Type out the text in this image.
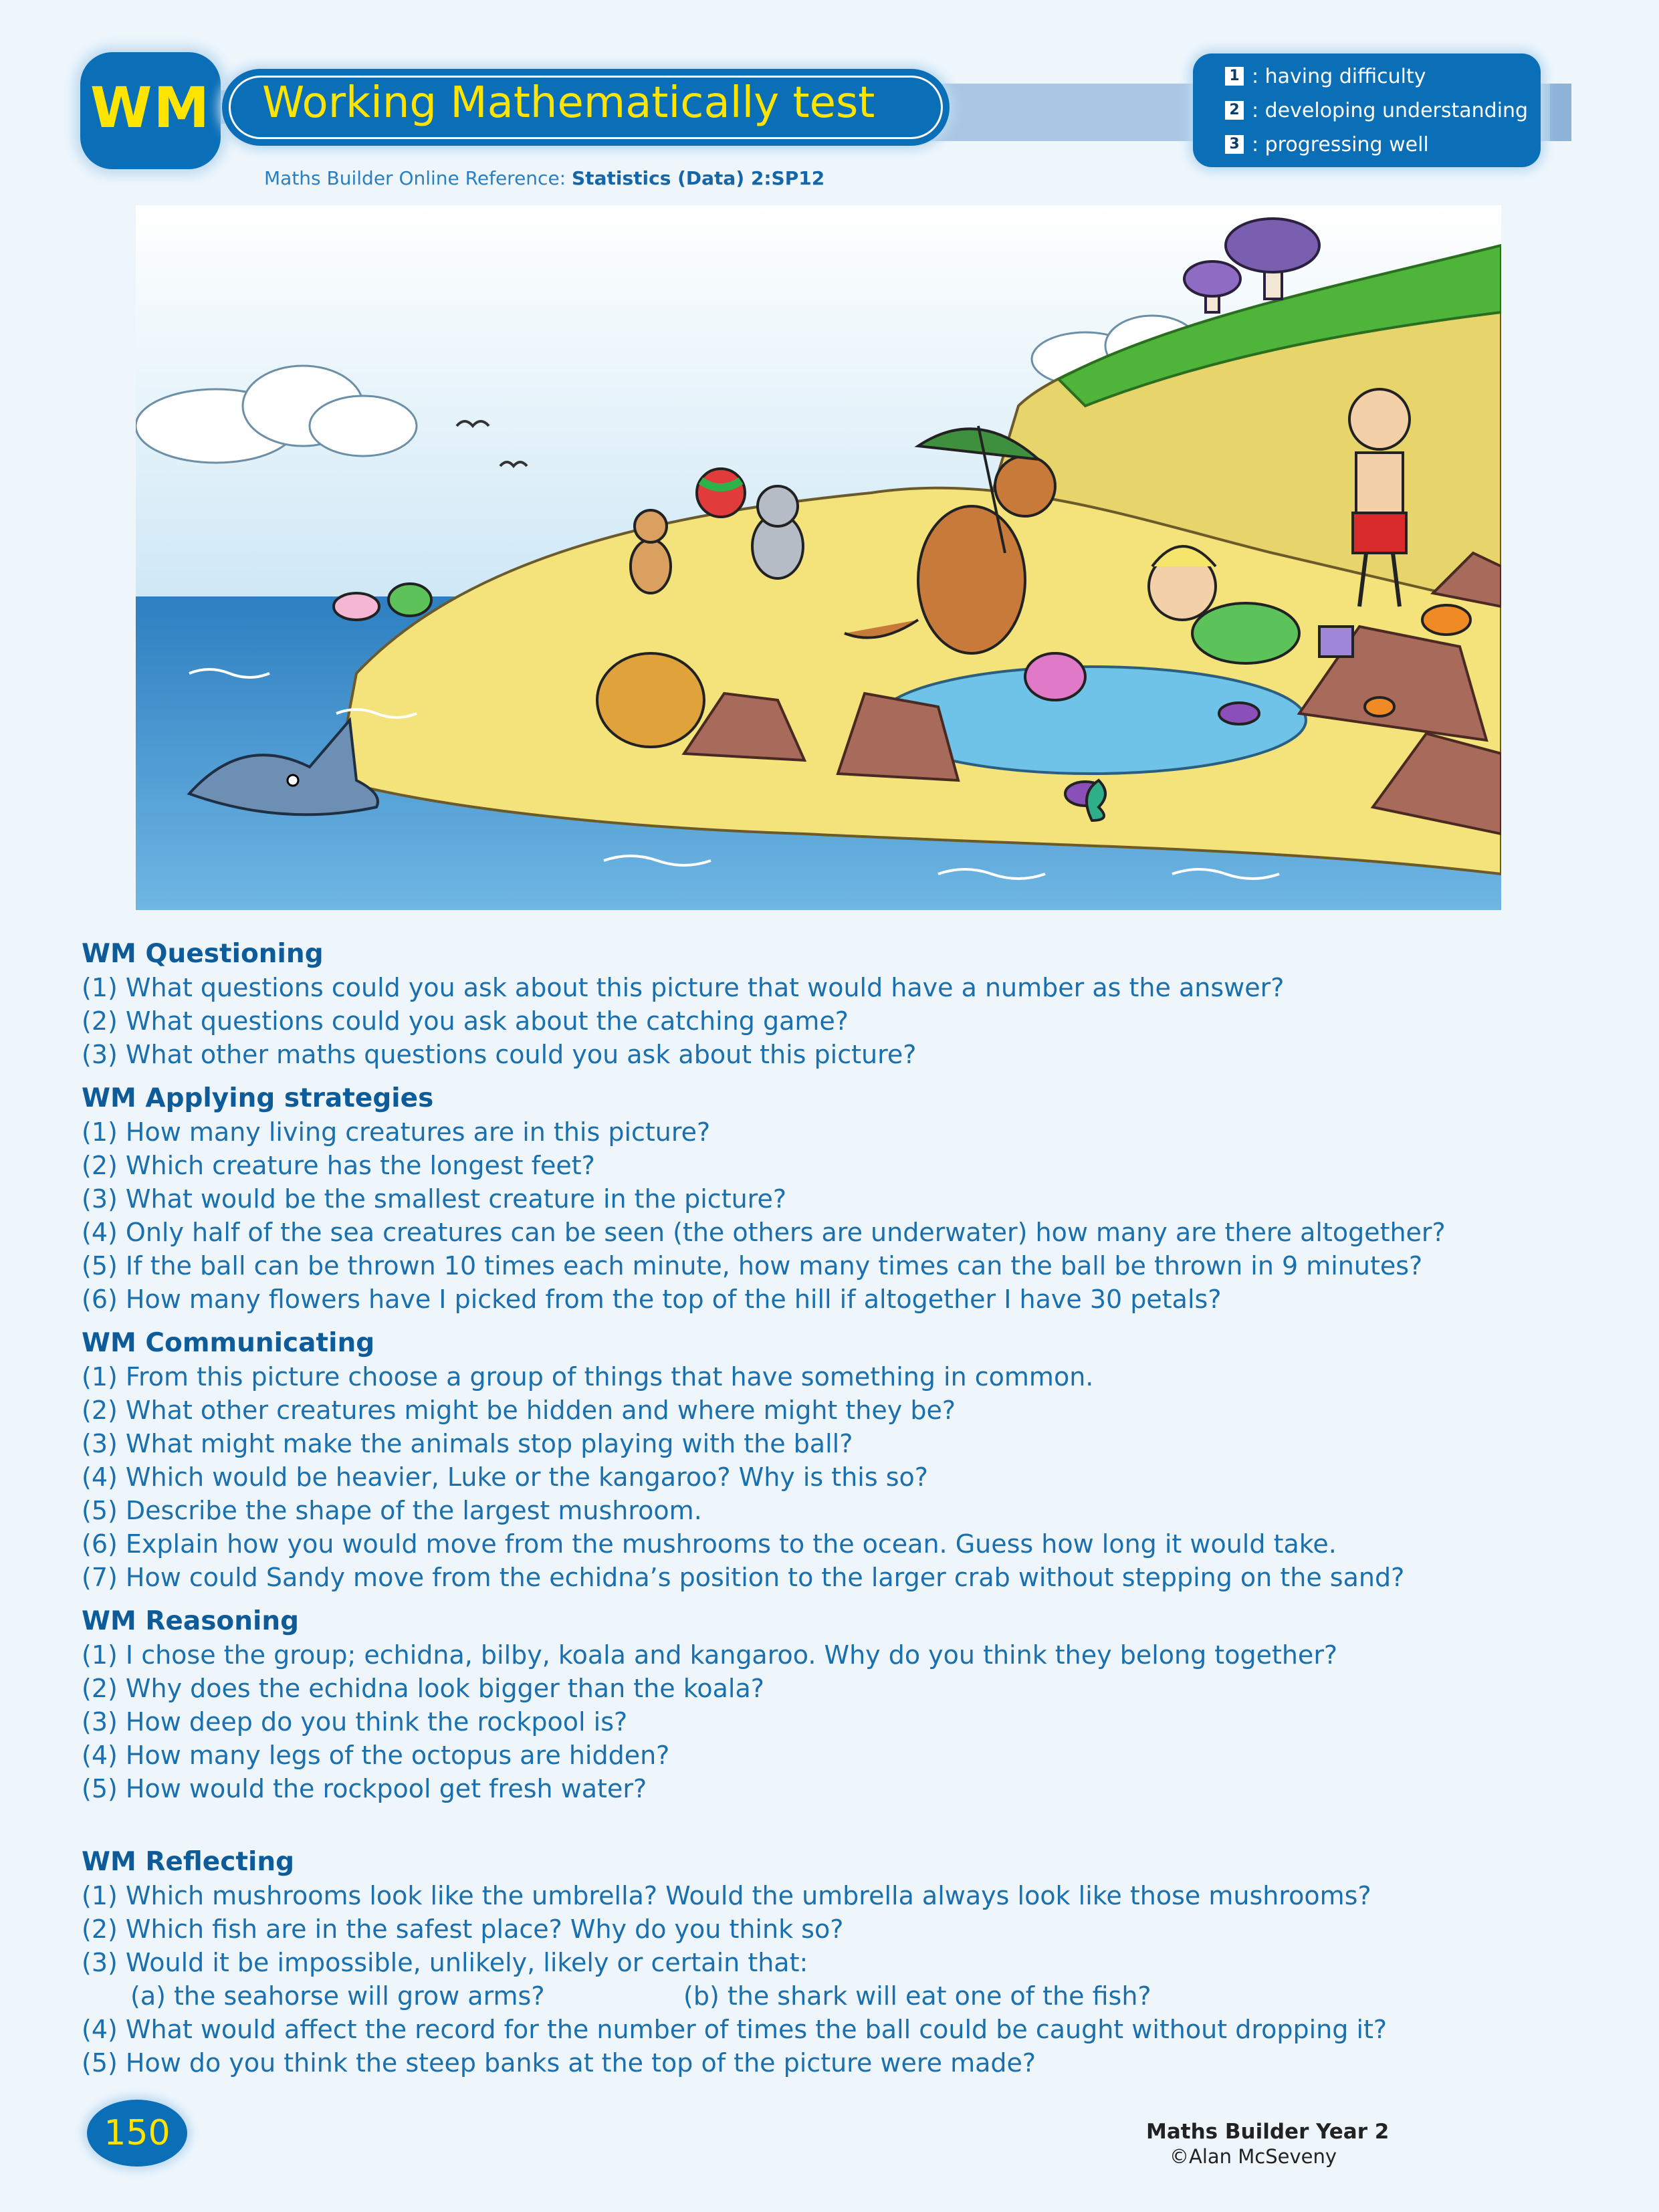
WM Working Mathematically test
Maths Builder Online Reference: Statistics (Data) 2:SP12
1 : having difficulty
2 : developing understanding
3 : progressing well
WM Questioning
(1) What questions could you ask about this picture that would have a number as the answer?
(2) What questions could you ask about the catching game?
(3) What other maths questions could you ask about this picture?
WM Applying strategies
(1) How many living creatures are in this picture?
(2) Which creature has the longest feet?
(3) What would be the smallest creature in the picture?
(4) Only half of the sea creatures can be seen (the others are underwater) how many are there altogether?
(5) If the ball can be thrown 10 times each minute, how many times can the ball be thrown in 9 minutes?
(6) How many flowers have I picked from the top of the hill if altogether I have 30 petals?
WM Communicating
(1) From this picture choose a group of things that have something in common.
(2) What other creatures might be hidden and where might they be?
(3) What might make the animals stop playing with the ball?
(4) Which would be heavier, Luke or the kangaroo? Why is this so?
(5) Describe the shape of the largest mushroom.
(6) Explain how you would move from the mushrooms to the ocean. Guess how long it would take.
(7) How could Sandy move from the echidna’s position to the larger crab without stepping on the sand?
WM Reasoning
(1) I chose the group; echidna, bilby, koala and kangaroo. Why do you think they belong together?
(2) Why does the echidna look bigger than the koala?
(3) How deep do you think the rockpool is?
(4) How many legs of the octopus are hidden?
(5) How would the rockpool get fresh water?
WM Reflecting
(1) Which mushrooms look like the umbrella? Would the umbrella always look like those mushrooms?
(2) Which fish are in the safest place? Why do you think so?
(3) Would it be impossible, unlikely, likely or certain that:
(a) the seahorse will grow arms?	(b) the shark will eat one of the fish?
(4) What would affect the record for the number of times the ball could be caught without dropping it?
(5) How do you think the steep banks at the top of the picture were made?
150	Maths Builder Year 2
©Alan McSeveny
